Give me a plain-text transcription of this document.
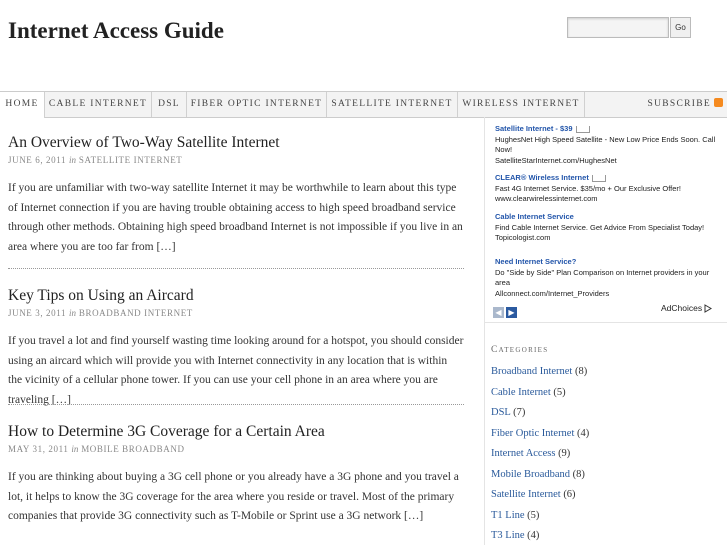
Internet Access Guide	Go
HOME	CABLE INTERNET	DSL	FIBER OPTIC INTERNET SATELLITE INTERNET	WIRELESS INTERNET	SUBSCRIBE
An Overview of Two-Way Satellite Internet
JUNE 6, 2011 in SATELLITE INTERNET
If you are unfamiliar with two-way satellite Internet it may be worthwhile to learn about this type of Internet connection if you are having trouble obtaining access to high speed broadband service through other methods. Obtaining high speed broadband Internet is not impossible if you live in an area where you are too far from […]
Key Tips on Using an Aircard
JUNE 3, 2011 in BROADBAND INTERNET
If you travel a lot and find yourself wasting time looking around for a hotspot, you should consider using an aircard which will provide you with Internet connectivity in any location that is within the vicinity of a cellular phone tower. If you can use your cell phone in an area where you are traveling […]
How to Determine 3G Coverage for a Certain Area
MAY 31, 2011 in MOBILE BROADBAND
If you are thinking about buying a 3G cell phone or you already have a 3G phone and you travel a lot, it helps to know the 3G coverage for the area where you reside or travel. Most of the primary companies that provide 3G connectivity such as T-Mobile or Sprint use a 3G network […]
Satellite Internet - $39
HughesNet High Speed Satellite - New Low Price Ends Soon. Call Now!
SatelliteStarInternet.com/HughesNet
CLEAR® Wireless Internet
Fast 4G Internet Service. $35/mo + Our Exclusive Offer!
www.clearwirelessinternet.com
Cable Internet Service
Find Cable Internet Service. Get Advice From Specialist Today!
Topicologist.com
Need Internet Service?
Do "Side by Side" Plan Comparison on Internet providers in your area
Allconnect.com/Internet_Providers
◀ ▶	AdChoices
Categories
Broadband Internet (8)
Cable Internet (5)
DSL (7)
Fiber Optic Internet (4)
Internet Access (9)
Mobile Broadband (8)
Satellite Internet (6)
T1 Line (5)
T3 Line (4)
